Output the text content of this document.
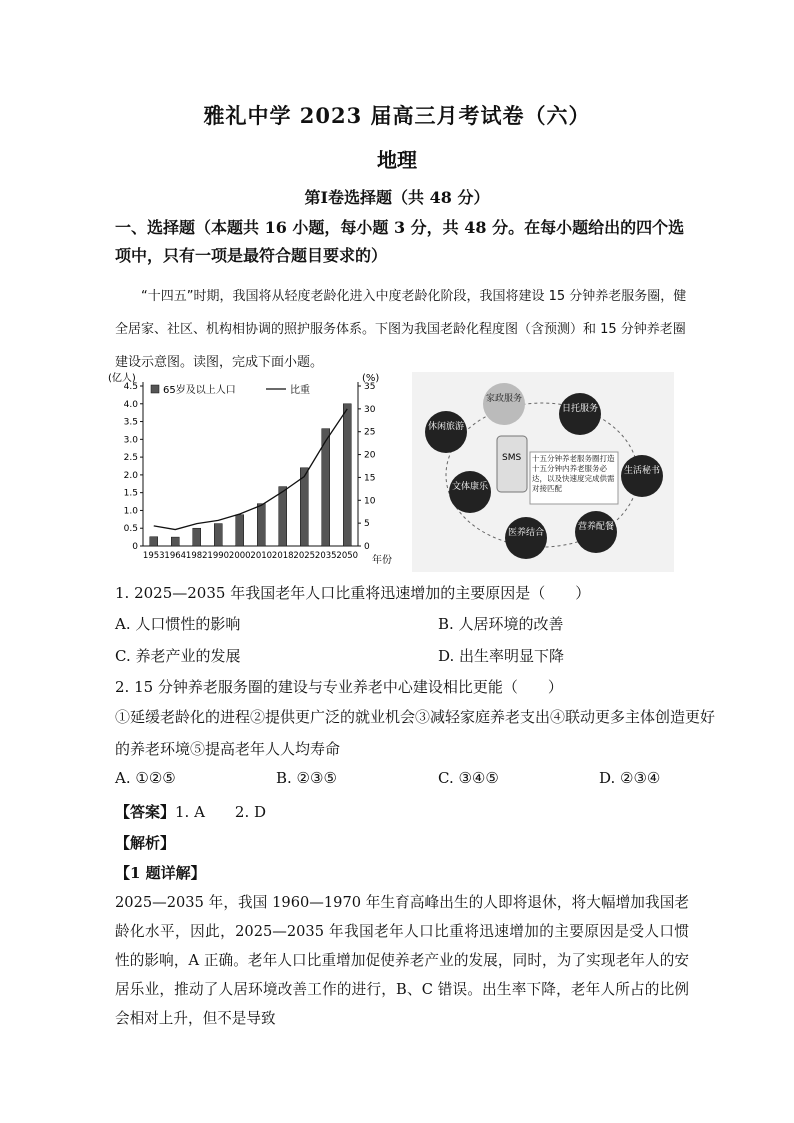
雅礼中学 2023 届高三月考试卷（六）
地理
第Ⅰ卷选择题（共 48 分）
一、选择题（本题共 16 小题，每小题 3 分，共 48 分。在每小题给出的四个选项中，只有一项是最符合题目要求的）
“十四五”时期，我国将从轻度老龄化进入中度老龄化阶段，我国将建设 15 分钟养老服务圈，健全居家、社区、机构相协调的照护服务体系。下图为我国老龄化程度图（含预测）和 15 分钟养老圈建设示意图。读图，完成下面小题。
(亿人)	(%)
65岁及以上人口	比重
年份
0
0.5
1.0
1.5
2.0
2.5
3.0
3.5
4.0
4.5
0
5
10
15
20
25
30
35
1953 1964 1982 1990 2000 2010 2018 2025 2035 2050
SMS 十五分钟养老服务圈打造十五分钟内养老服务必达，以及快速度完成供需对接匹配
家政服务
日托服务
生活秘书
营养配餐
医养结合
文体康乐
休闲旅游
1. 2025—2035 年我国老年人口比重将迅速增加的主要原因是（　　）
A. 人口惯性的影响	B. 人居环境的改善
C. 养老产业的发展	D. 出生率明显下降
2. 15 分钟养老服务圈的建设与专业养老中心建设相比更能（　　）
①延缓老龄化的进程②提供更广泛的就业机会③减轻家庭养老支出④联动更多主体创造更好
的养老环境⑤提高老年人人均寿命
A. ①②⑤	B. ②③⑤	C. ③④⑤	D. ②③④
【答案】1. A　　2. D
【解析】
【1 题详解】
2025—2035 年，我国 1960—1970 年生育高峰出生的人即将退休，将大幅增加我国老龄化水平，因此，2025—2035 年我国老年人口比重将迅速增加的主要原因是受人口惯性的影响，A 正确。老年人口比重增加促使养老产业的发展，同时，为了实现老年人的安居乐业，推动了人居环境改善工作的进行，B、C 错误。出生率下降，老年人所占的比例会相对上升，但不是导致
